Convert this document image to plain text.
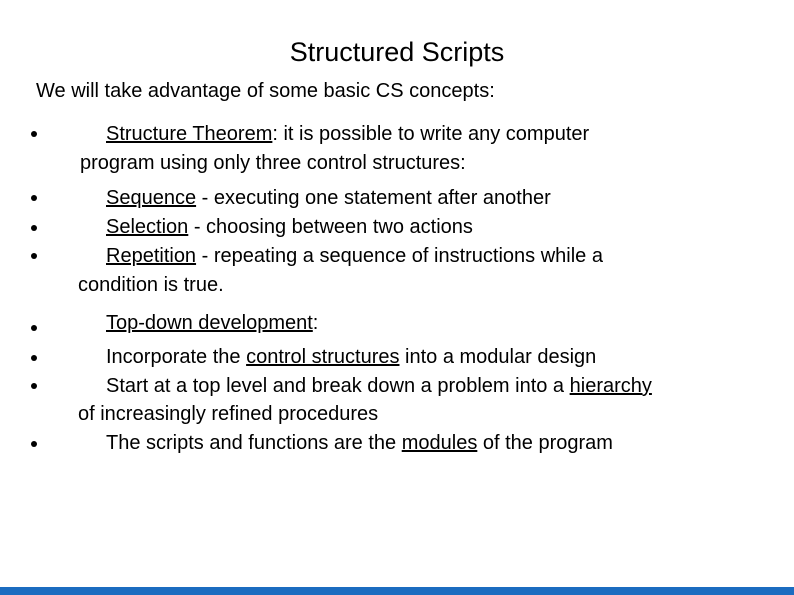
Structured Scripts
We will take advantage of some basic CS concepts:
Structure Theorem: it is possible to write any computer
program using only three control structures:
Sequence - executing one statement after another
Selection - choosing between two actions
Repetition - repeating a sequence of instructions while a
condition is true.
Top-down development:
Incorporate the control structures into a modular design
Start at a top level and break down a problem into a hierarchy
of increasingly refined procedures
The scripts and functions are the modules of the program
